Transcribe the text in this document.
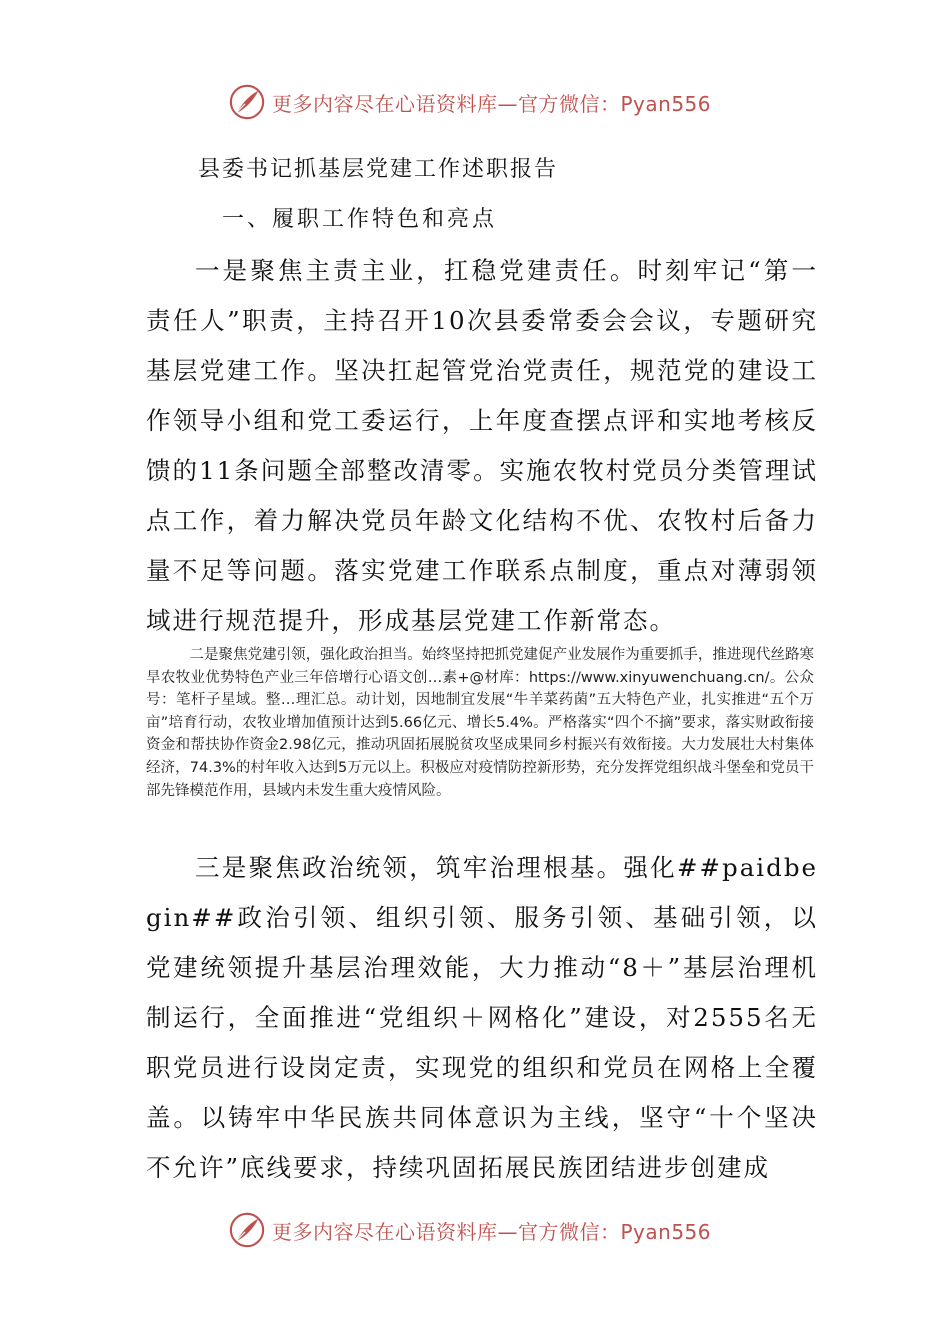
更多内容尽在心语资料库—官方微信：Pyan556
县委书记抓基层党建工作述职报告
一、履职工作特色和亮点

一是聚焦主责主业，扛稳党建责任。时刻牢记“第一责任人”职责，主持召开10次县委常委会会议，专题研究基层党建工作。坚决扛起管党治党责任，规范党的建设工作领导小组和党工委运行，上年度查摆点评和实地考核反馈的11条问题全部整改清零。实施农牧村党员分类管理试点工作，着力解决党员年龄文化结构不优、农牧村后备力量不足等问题。落实党建工作联系点制度，重点对薄弱领域进行规范提升，形成基层党建工作新常态。

二是聚焦党建引领，强化政治担当。始终坚持把抓党建促产业发展作为重要抓手，推进现代丝路寒旱农牧业优势特色产业三年倍增行心语文创…素+@材库：https://www.xinyuwenchuang.cn/。公众号：笔杆子星域。整…理汇总。动计划，因地制宜发展“牛羊菜药菌”五大特色产业，扎实推进“五个万亩”培育行动，农牧业增加值预计达到5.66亿元、增长5.4%。严格落实“四个不摘”要求，落实财政衔接资金和帮扶协作资金2.98亿元，推动巩固拓展脱贫攻坚成果同乡村振兴有效衔接。大力发展壮大村集体经济，74.3%的村年收入达到5万元以上。积极应对疫情防控新形势，充分发挥党组织战斗堡垒和党员干部先锋模范作用，县域内未发生重大疫情风险。

三是聚焦政治统领，筑牢治理根基。强化##paidbegin##政治引领、组织引领、服务引领、基础引领，以党建统领提升基层治理效能，大力推动“8＋”基层治理机制运行，全面推进“党组织＋网格化”建设，对2555名无职党员进行设岗定责，实现党的组织和党员在网格上全覆盖。以铸牢中华民族共同体意识为主线，坚守“十个坚决不允许”底线要求，持续巩固拓展民族团结进步创建成

更多内容尽在心语资料库—官方微信：Pyan556
